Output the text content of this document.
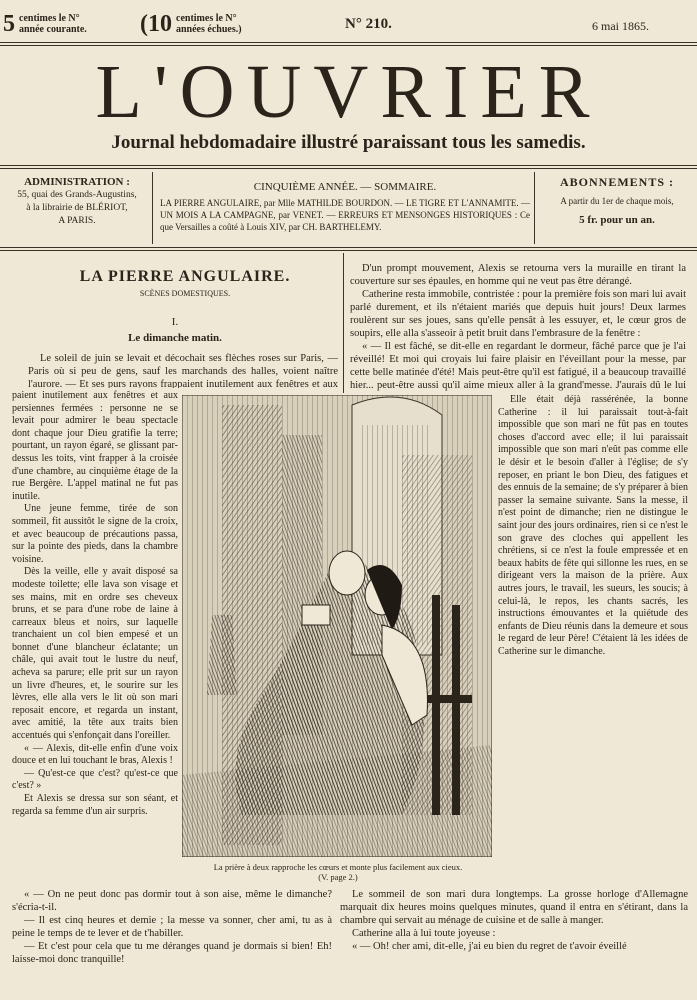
5 centimes le N°
année courante. (10 centimes le N°
années échues.)	N° 210.	6 mai 1865.
L'OUVRIER
Journal hebdomadaire illustré paraissant tous les samedis.
ADMINISTRATION :
55, quai des Grands-Augustins,
à la librairie de BLÉRIOT,
A PARIS.
CINQUIÈME ANNÉE. — SOMMAIRE.
LA PIERRE ANGULAIRE, par Mlle MATHILDE BOURDON. — LE TIGRE ET L'ANNAMITE. — UN MOIS A LA CAMPAGNE, par VENET. — ERREURS ET MENSONGES HISTORIQUES : Ce que Versailles a coûté à Louis XIV, par CH. BARTHELEMY.
ABONNEMENTS :
A partir du 1er de chaque mois,
5 fr. pour un an.
LA PIERRE ANGULAIRE.
SCÈNES DOMESTIQUES.
I.
Le dimanche matin.

Le soleil de juin se levait et décochait ses flèches roses sur Paris, — Paris où si peu de gens, sauf les marchands des halles, voient naître l'aurore. — Et ses purs rayons frappaient inutilement aux fenêtres et aux

paient inutilement aux fenêtres et aux persiennes fermées : personne ne se levait pour admirer le beau spectacle dont chaque jour Dieu gratifie la terre; pourtant, un rayon égaré, se glissant par-dessus les toits, vint frapper à la croisée d'une chambre, au cinquième étage de la rue Bergère. L'appel matinal ne fut pas inutile.

Une jeune femme, tirée de son sommeil, fit aussitôt le signe de la croix, et avec beaucoup de précautions passa, sur la pointe des pieds, dans la chambre voisine.

Dès la veille, elle y avait disposé sa modeste toilette; elle lava son visage et ses mains, mit en ordre ses cheveux bruns, et se para d'une robe de laine à carreaux bleus et noirs, sur laquelle tranchaient un col bien empesé et un bonnet d'une blancheur éclatante; un châle, qui avait tout le lustre du neuf, acheva sa parure; elle prit sur un rayon un livre d'heures, et, le sourire sur les lèvres, elle alla vers le lit où son mari reposait encore, et regarda un instant, avec amitié, la tête aux traits bien accentués qui s'enfonçait dans l'oreiller.

« — Alexis, dit-elle enfin d'une voix douce et en lui touchant le bras, Alexis !

— Qu'est-ce que c'est? qu'est-ce que c'est? »

Et Alexis se dressa sur son séant, et regarda sa femme d'un air surpris.

La prière à deux rapproche les cœurs et monte plus facilement aux cieux.
(V. page 2.)

« — On ne peut donc pas dormir tout à son aise, même le dimanche? s'écria-t-il.

— Il est cinq heures et demie ; la messe va sonner, cher ami, tu as à peine le temps de te lever et de t'habiller.

— Et c'est pour cela que tu me déranges quand je dormais si bien! Eh! laisse-moi donc tranquille!

D'un prompt mouvement, Alexis se retourna vers la muraille en tirant la couverture sur ses épaules, en homme qui ne veut pas être dérangé.

Catherine resta immobile, contristée : pour la première fois son mari lui avait parlé durement, et ils n'étaient mariés que depuis huit jours! Deux larmes roulèrent sur ses joues, sans qu'elle pensât à les essuyer, et, le cœur gros de soupirs, elle alla s'asseoir à petit bruit dans l'embrasure de la fenêtre :

« — Il est fâché, se dit-elle en regardant le dormeur, fâché parce que je l'ai réveillé! Et moi qui croyais lui faire plaisir en l'éveillant pour la messe, par cette belle matinée d'été! Mais peut-être qu'il est fatigué, il a beaucoup travaillé hier... peut-être aussi qu'il aime mieux aller à la grand'messe. J'aurais dû le lui

Elle était déjà rassérénée, la bonne Catherine : il lui paraissait tout-à-fait impossible que son mari ne fût pas en toutes choses d'accord avec elle; il lui paraissait impossible que son mari n'eût pas comme elle le désir et le besoin d'aller à l'église; de s'y reposer, en priant le bon Dieu, des fatigues et des ennuis de la semaine; de s'y préparer à bien passer la semaine suivante. Sans la messe, il n'est point de dimanche; rien ne distingue le saint jour des jours ordinaires, rien si ce n'est le son grave des cloches qui appellent les chrétiens, si ce n'est la foule empressée et en beaux habits de fête qui sillonne les rues, en se dirigeant vers la maison de la prière. Aux autres jours, le travail, les sueurs, les soucis; à celui-là, le repos, les chants sacrés, les instructions émouvantes et la quiétude des enfants de Dieu réunis dans la demeure et sous le regard de leur Père! C'étaient là les idées de Catherine sur le dimanche.

Le sommeil de son mari dura longtemps. La grosse horloge d'Allemagne marquait dix heures moins quelques minutes, quand il entra en s'étirant, dans la chambre qui servait au ménage de cuisine et de salle à manger.

Catherine alla à lui toute joyeuse :

« — Oh! cher ami, dit-elle, j'ai eu bien du regret de t'avoir éveillé
